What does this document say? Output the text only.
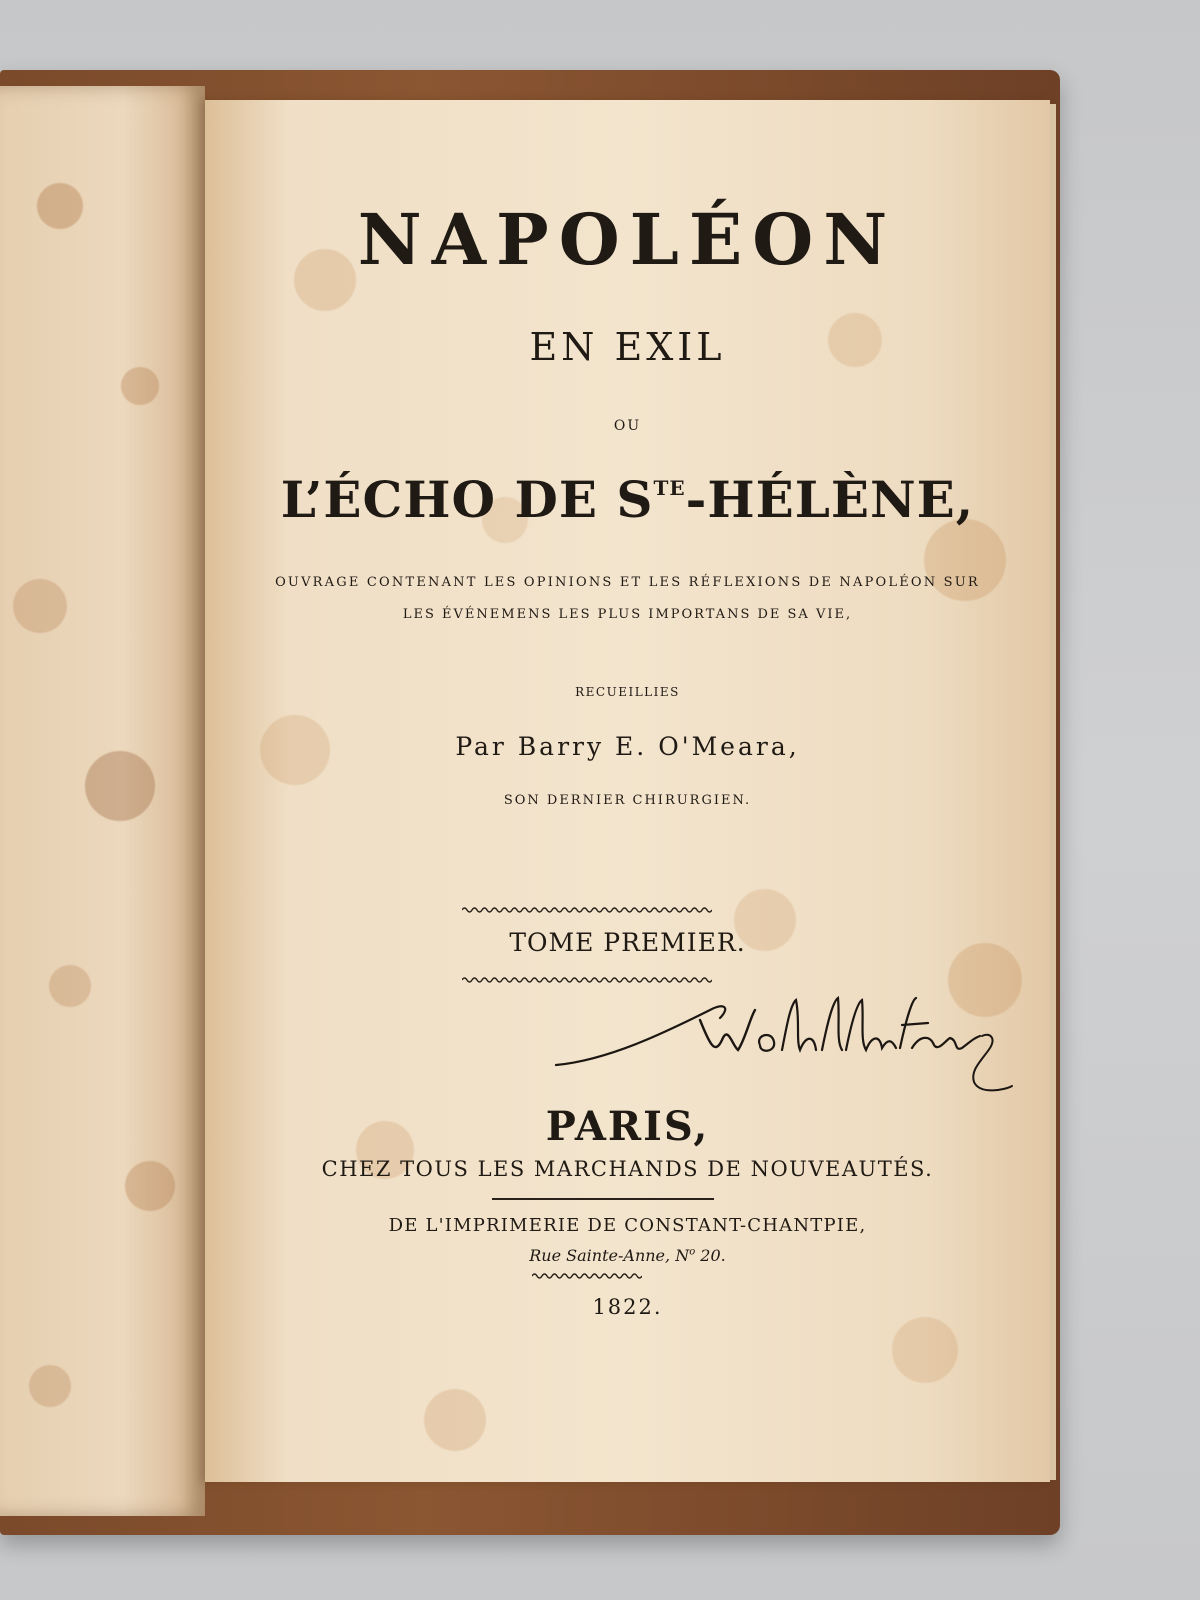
NAPOLÉON

EN EXIL

OU

L’ÉCHO DE $S^{TE}$-HÉLÈNE,

OUVRAGE CONTENANT LES OPINIONS ET LES RÉFLEXIONS DE NAPOLÉON SUR

LES ÉVÉNEMENS LES PLUS IMPORTANS DE SA VIE,

RECUEILLIES

Par Barry E. O'Meara,

SON DERNIER CHIRURGIEN.

TOME PREMIER.

PARIS,

CHEZ TOUS LES MARCHANDS DE NOUVEAUTÉS.

DE L'IMPRIMERIE DE CONSTANT-CHANTPIE,

Rue Sainte-Anne, $N^o$ 20.

1822.
